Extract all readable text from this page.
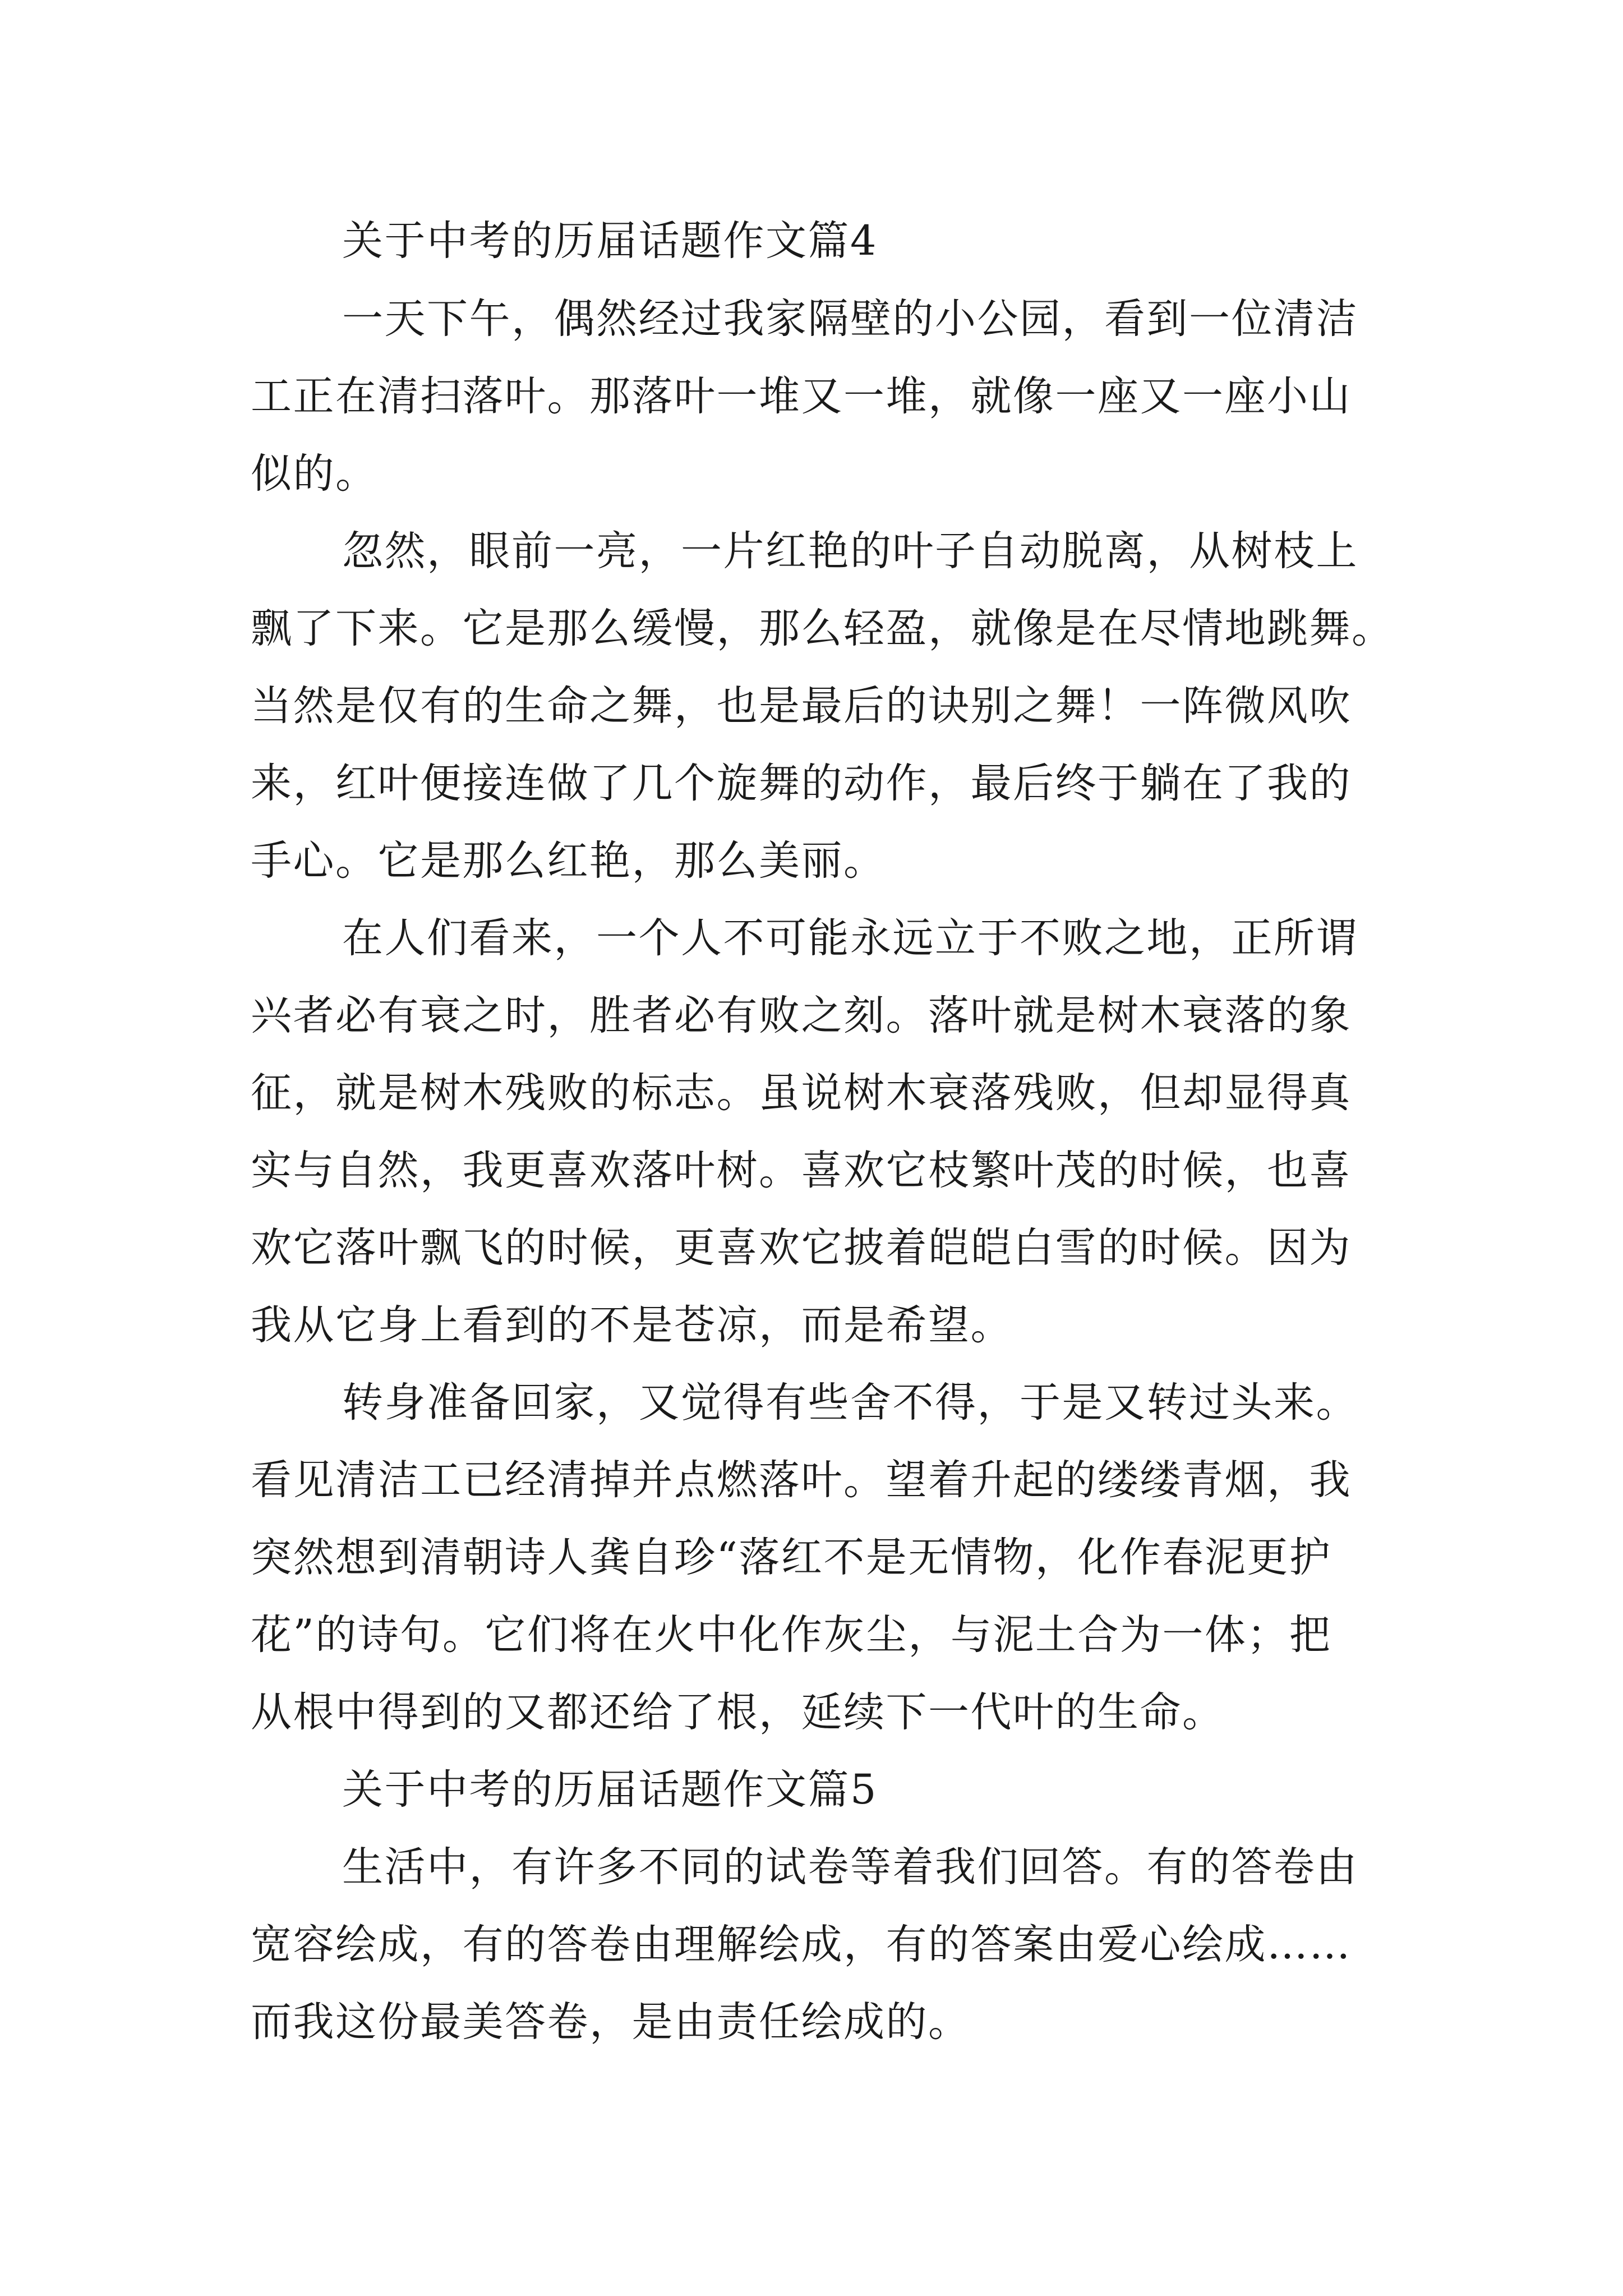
关于中考的历届话题作文篇4
一天下午，偶然经过我家隔壁的小公园，看到一位清洁
工正在清扫落叶。那落叶一堆又一堆，就像一座又一座小山
似的。
忽然，眼前一亮，一片红艳的叶子自动脱离，从树枝上
飘了下来。它是那么缓慢，那么轻盈，就像是在尽情地跳舞。
当然是仅有的生命之舞，也是最后的诀别之舞！一阵微风吹
来，红叶便接连做了几个旋舞的动作，最后终于躺在了我的
手心。它是那么红艳，那么美丽。
在人们看来，一个人不可能永远立于不败之地，正所谓
兴者必有衰之时，胜者必有败之刻。落叶就是树木衰落的象
征，就是树木残败的标志。虽说树木衰落残败，但却显得真
实与自然，我更喜欢落叶树。喜欢它枝繁叶茂的时候，也喜
欢它落叶飘飞的时候，更喜欢它披着皑皑白雪的时候。因为
我从它身上看到的不是苍凉，而是希望。
转身准备回家，又觉得有些舍不得，于是又转过头来。
看见清洁工已经清掉并点燃落叶。望着升起的缕缕青烟，我
突然想到清朝诗人龚自珍“落红不是无情物，化作春泥更护
花”的诗句。它们将在火中化作灰尘，与泥土合为一体；把
从根中得到的又都还给了根，延续下一代叶的生命。
关于中考的历届话题作文篇5
生活中，有许多不同的试卷等着我们回答。有的答卷由
宽容绘成，有的答卷由理解绘成，有的答案由爱心绘成……
而我这份最美答卷，是由责任绘成的。
